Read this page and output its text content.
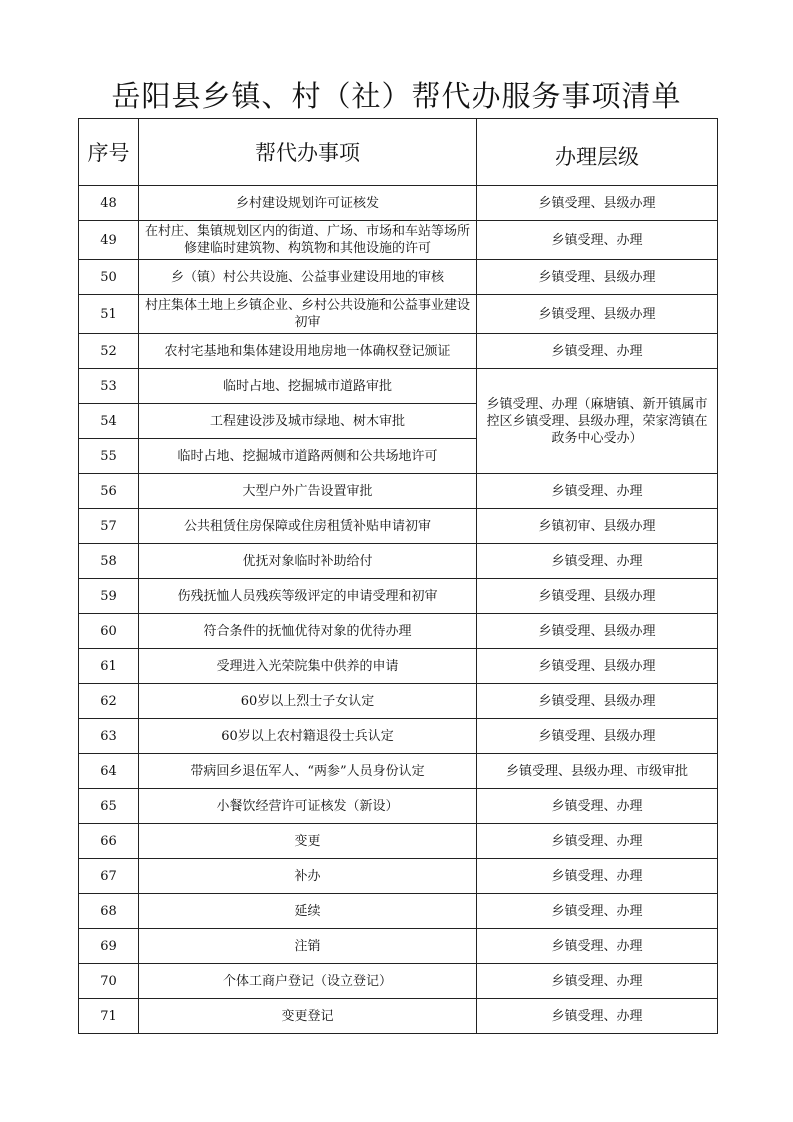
岳阳县乡镇、村（社）帮代办服务事项清单
序号	帮代办事项	办理层级
48	乡村建设规划许可证核发	乡镇受理、县级办理
49	在村庄、集镇规划区内的街道、广场、市场和车站等场所修建临时建筑物、构筑物和其他设施的许可	乡镇受理、办理
50	乡（镇）村公共设施、公益事业建设用地的审核	乡镇受理、县级办理
51	村庄集体土地上乡镇企业、乡村公共设施和公益事业建设初审	乡镇受理、县级办理
52	农村宅基地和集体建设用地房地一体确权登记颁证	乡镇受理、办理
53	临时占地、挖掘城市道路审批	乡镇受理、办理（麻塘镇、新开镇属市控区乡镇受理、县级办理，荣家湾镇在政务中心受办）
54	工程建设涉及城市绿地、树木审批	
55	临时占地、挖掘城市道路两侧和公共场地许可	
56	大型户外广告设置审批	乡镇受理、办理
57	公共租赁住房保障或住房租赁补贴申请初审	乡镇初审、县级办理
58	优抚对象临时补助给付	乡镇受理、办理
59	伤残抚恤人员残疾等级评定的申请受理和初审	乡镇受理、县级办理
60	符合条件的抚恤优待对象的优待办理	乡镇受理、县级办理
61	受理进入光荣院集中供养的申请	乡镇受理、县级办理
62	60岁以上烈士子女认定	乡镇受理、县级办理
63	60岁以上农村籍退役士兵认定	乡镇受理、县级办理
64	带病回乡退伍军人、“两参”人员身份认定	乡镇受理、县级办理、市级审批
65	小餐饮经营许可证核发（新设）	乡镇受理、办理
66	变更	乡镇受理、办理
67	补办	乡镇受理、办理
68	延续	乡镇受理、办理
69	注销	乡镇受理、办理
70	个体工商户登记（设立登记）	乡镇受理、办理
71	变更登记	乡镇受理、办理
